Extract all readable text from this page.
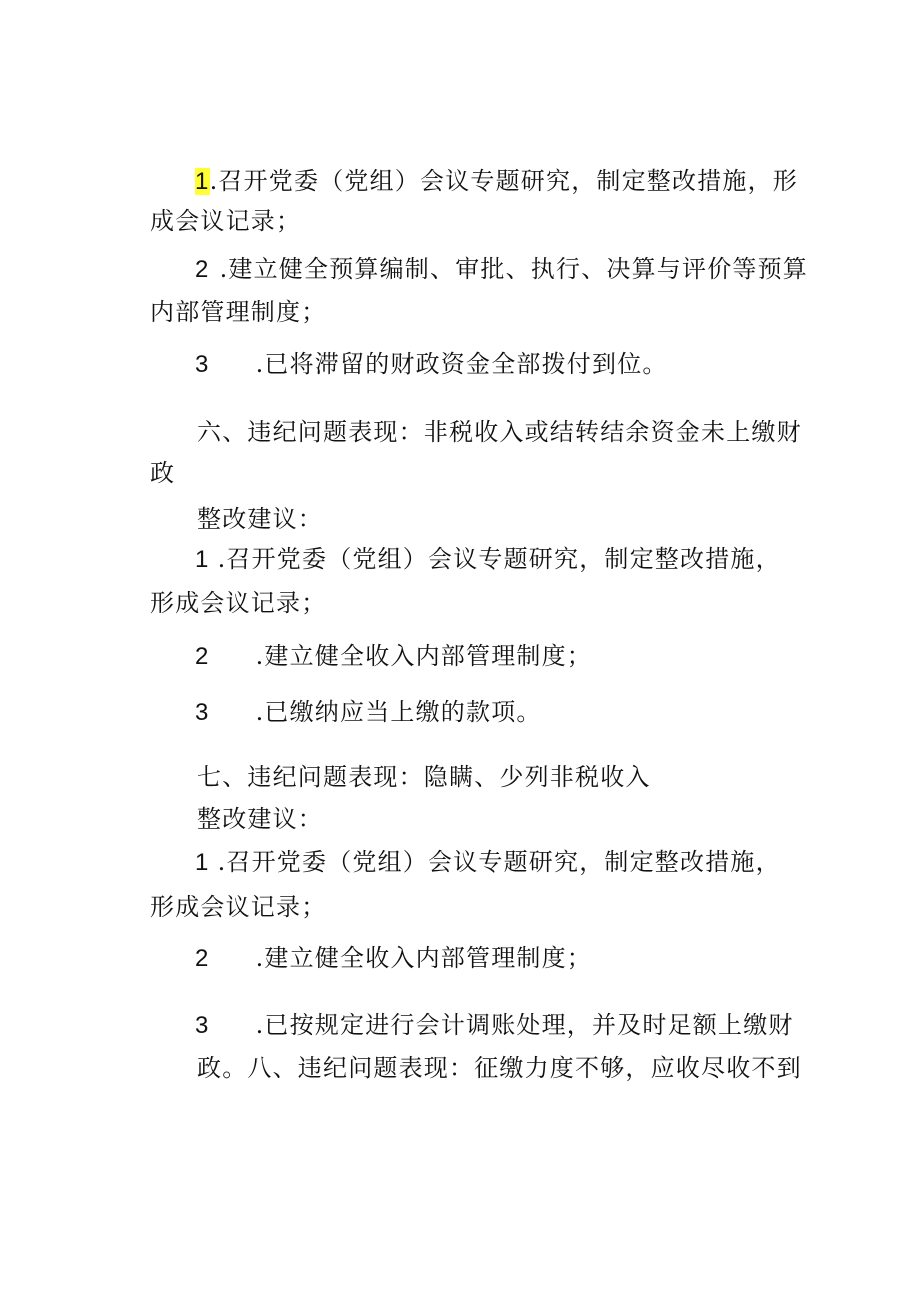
1.召开党委（党组）会议专题研究，制定整改措施，形
成会议记录；
2 .建立健全预算编制、审批、执行、决算与评价等预算
内部管理制度；
3 .已将滞留的财政资金全部拨付到位。
六、违纪问题表现：非税收入或结转结余资金未上缴财
政
整改建议：
1 .召开党委（党组）会议专题研究，制定整改措施，
形成会议记录；
2 .建立健全收入内部管理制度；
3 .已缴纳应当上缴的款项。
七、违纪问题表现：隐瞒、少列非税收入
整改建议：
1 .召开党委（党组）会议专题研究，制定整改措施，
形成会议记录；
2 .建立健全收入内部管理制度；
3 .已按规定进行会计调账处理，并及时足额上缴财
政。八、违纪问题表现：征缴力度不够，应收尽收不到
